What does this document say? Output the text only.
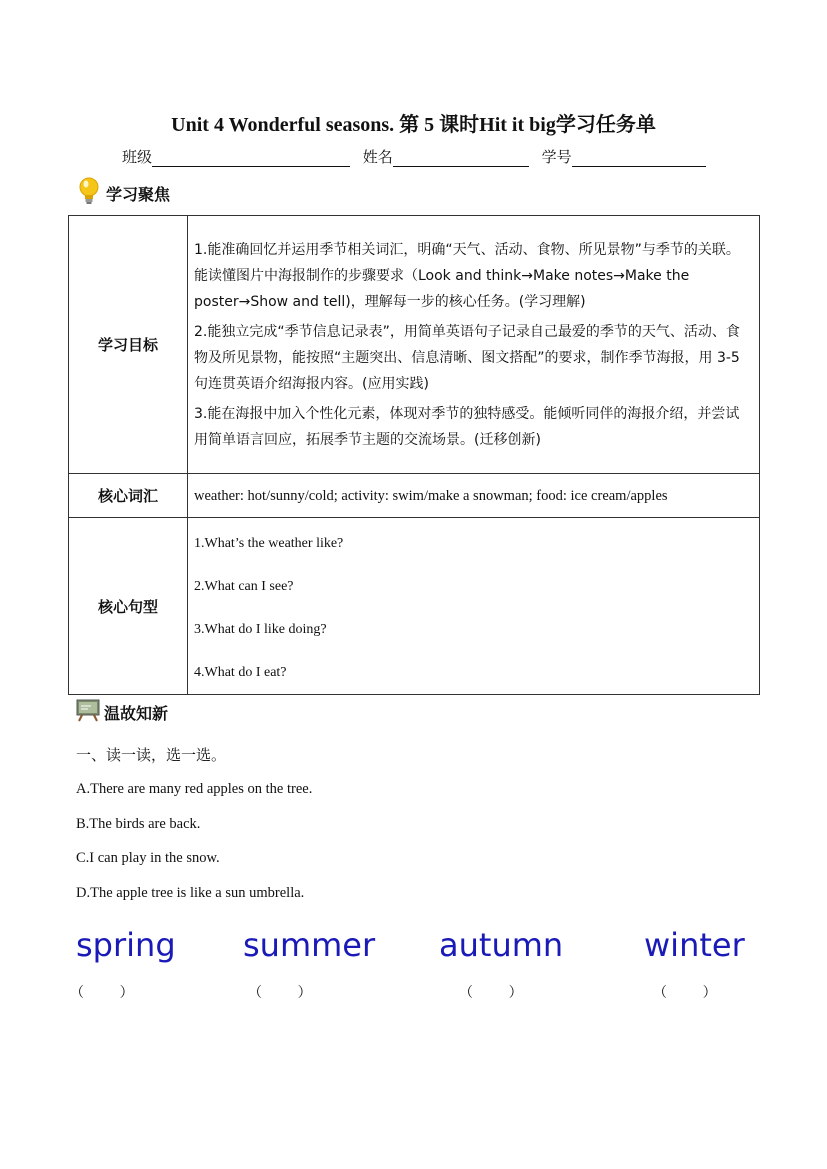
Unit 4 Wonderful seasons. 第 5 课时Hit it big学习任务单
班级	姓名	学号
学习聚焦
学习目标	1.能准确回忆并运用季节相关词汇，明确“天气、活动、食物、所见景物”与季节的关联。能读懂图片中海报制作的步骤要求（Look and think→Make notes→Make the poster→Show and tell)，理解每一步的核心任务。(学习理解)

2.能独立完成“季节信息记录表”，用简单英语句子记录自己最爱的季节的天气、活动、食物及所见景物，能按照“主题突出、信息清晰、图文搭配”的要求，制作季节海报，用 3-5 句连贯英语介绍海报内容。(应用实践)

3.能在海报中加入个性化元素，体现对季节的独特感受。能倾听同伴的海报介绍，并尝试用简单语言回应，拓展季节主题的交流场景。(迁移创新)

核心词汇	weather: hot/sunny/cold; activity: swim/make a snowman; food: ice cream/apples
核心句型	1.What’s the weather like?
2.What can I see?
3.What do I like doing?
4.What do I eat?
温故知新
一、读一读，选一选。
A.There are many red apples on the tree.
B.The birds are back.
C.I can play in the snow.
D.The apple tree is like a sun umbrella.
spring summer autumn	winter
（        ）	（        ）	（        ）	（        ）
